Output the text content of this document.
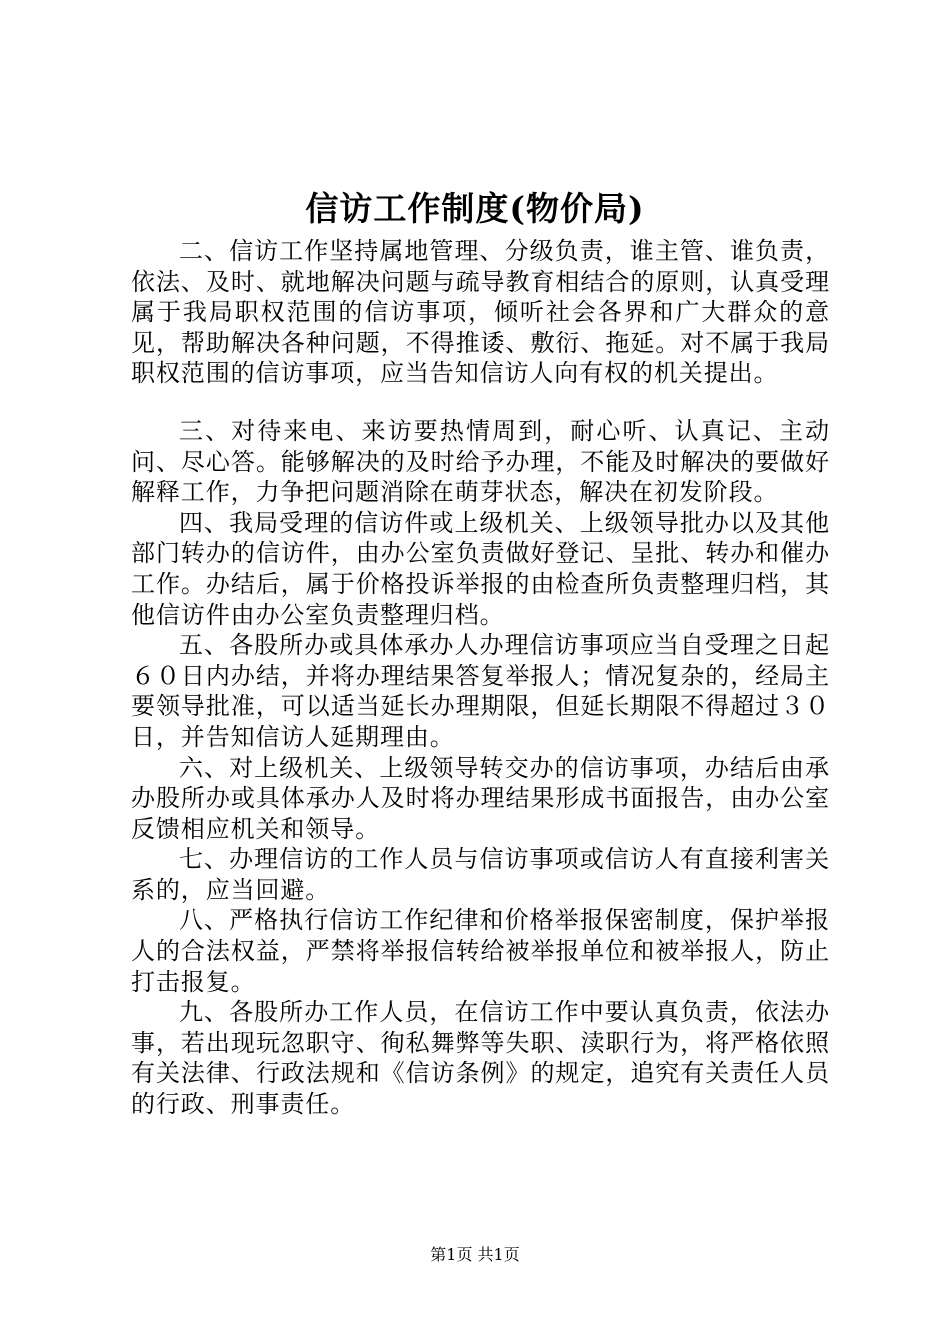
信访工作制度(物价局)

二、信访工作坚持属地管理、分级负责，谁主管、谁负责，依法、及时、就地解决问题与疏导教育相结合的原则，认真受理属于我局职权范围的信访事项，倾听社会各界和广大群众的意见，帮助解决各种问题，不得推诿、敷衍、拖延。对不属于我局职权范围的信访事项，应当告知信访人向有权的机关提出。

三、对待来电、来访要热情周到，耐心听、认真记、主动问、尽心答。能够解决的及时给予办理，不能及时解决的要做好解释工作，力争把问题消除在萌芽状态，解决在初发阶段。

四、我局受理的信访件或上级机关、上级领导批办以及其他部门转办的信访件，由办公室负责做好登记、呈批、转办和催办工作。办结后，属于价格投诉举报的由检查所负责整理归档，其他信访件由办公室负责整理归档。

五、各股所办或具体承办人办理信访事项应当自受理之日起６０日内办结，并将办理结果答复举报人；情况复杂的，经局主要领导批准，可以适当延长办理期限，但延长期限不得超过３０日，并告知信访人延期理由。

六、对上级机关、上级领导转交办的信访事项，办结后由承办股所办或具体承办人及时将办理结果形成书面报告，由办公室反馈相应机关和领导。

七、办理信访的工作人员与信访事项或信访人有直接利害关系的，应当回避。

八、严格执行信访工作纪律和价格举报保密制度，保护举报人的合法权益，严禁将举报信转给被举报单位和被举报人，防止打击报复。

九、各股所办工作人员，在信访工作中要认真负责，依法办事，若出现玩忽职守、徇私舞弊等失职、渎职行为，将严格依照有关法律、行政法规和《信访条例》的规定，追究有关责任人员的行政、刑事责任。

第1页 共1页
